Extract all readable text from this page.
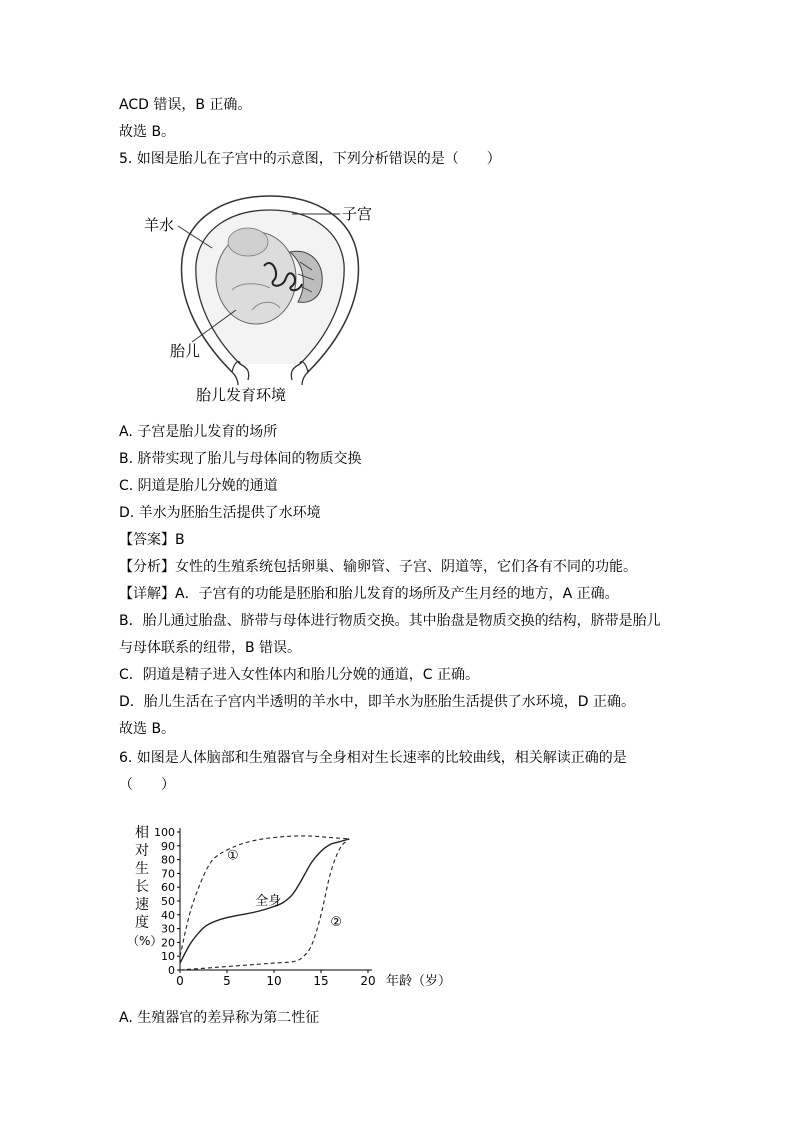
ACD 错误，B 正确。
故选 B。
5. 如图是胎儿在子宫中的示意图，下列分析错误的是（　　）
羊水
子宫
胎儿
胎儿发育环境
A. 子宫是胎儿发育的场所
B. 脐带实现了胎儿与母体间的物质交换
C. 阴道是胎儿分娩的通道
D. 羊水为胚胎生活提供了水环境
【答案】B
【分析】女性的生殖系统包括卵巢、输卵管、子宫、阴道等，它们各有不同的功能。
【详解】A．子宫有的功能是胚胎和胎儿发育的场所及产生月经的地方，A 正确。
B．胎儿通过胎盘、脐带与母体进行物质交换。其中胎盘是物质交换的结构，脐带是胎儿
与母体联系的纽带，B 错误。
C．阴道是精子进入女性体内和胎儿分娩的通道，C 正确。
D．胎儿生活在子宫内半透明的羊水中，即羊水为胚胎生活提供了水环境，D 正确。
故选 B。
6. 如图是人体脑部和生殖器官与全身相对生长速率的比较曲线，相关解读正确的是
（　　）
相
对
生
长
速
度
（%）
0
10
20
30
40
50
60
70
80
90
100
0	5	10	15	20 年龄（岁）
①
②
全身
A. 生殖器官的差异称为第二性征
